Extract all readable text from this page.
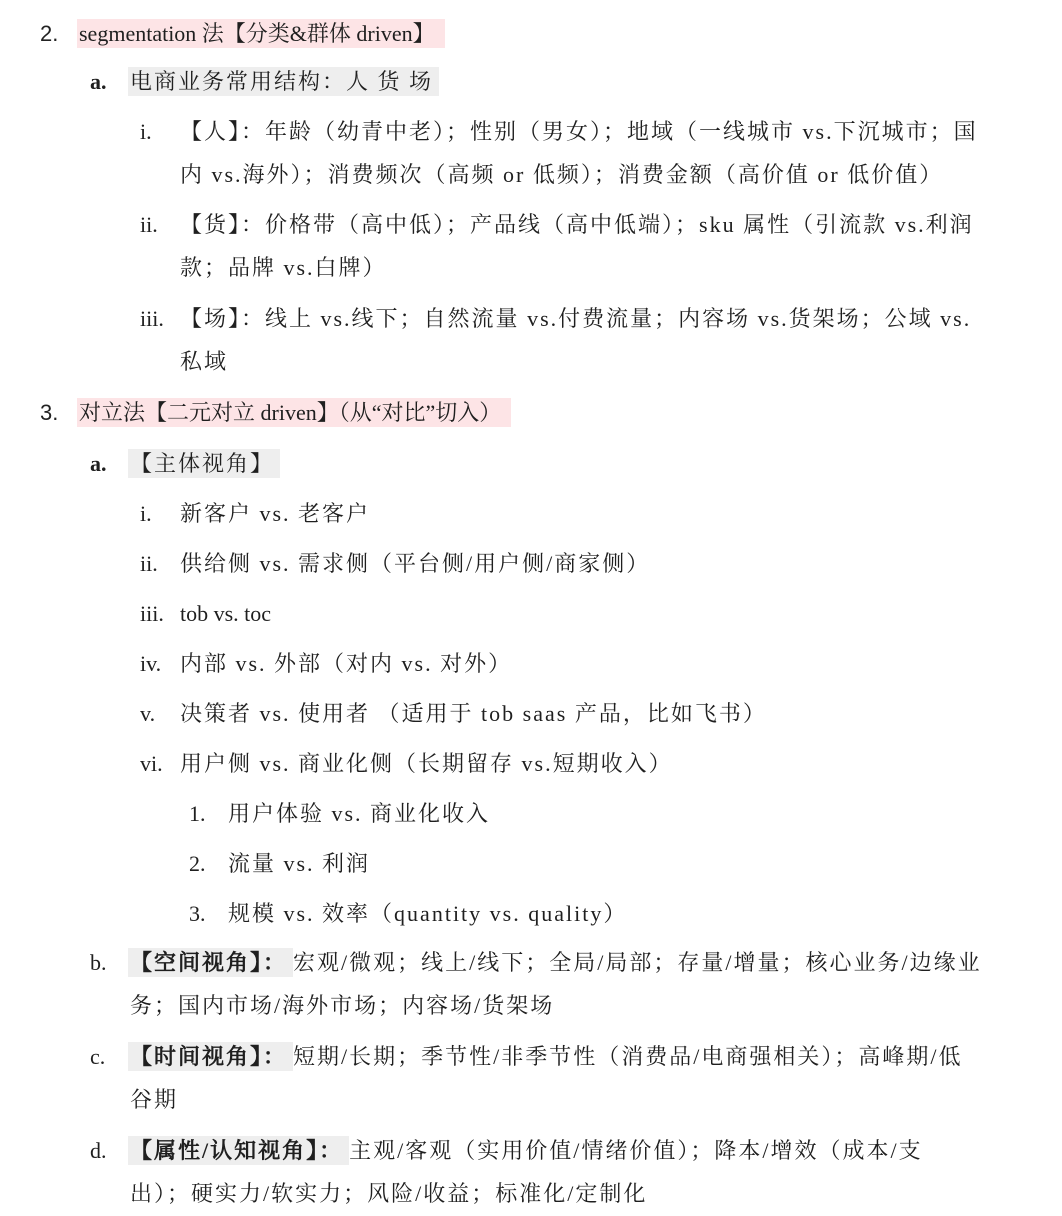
2. segmentation 法【分类&群体 driven】
a. 电商业务常用结构：人 货 场
i. 【人】：年龄（幼青中老）；性别（男女）；地域（一线城市 vs.下沉城市；国内 vs.海外）；消费频次（高频 or 低频）；消费金额（高价值 or 低价值）
ii. 【货】：价格带（高中低）；产品线（高中低端）；sku 属性（引流款 vs.利润款；品牌 vs.白牌）
iii. 【场】：线上 vs.线下；自然流量 vs.付费流量；内容场 vs.货架场；公域 vs.私域
3. 对立法【二元对立 driven】（从“对比”切入）
a. 【主体视角】
i. 新客户 vs. 老客户
ii. 供给侧 vs. 需求侧（平台侧/用户侧/商家侧）
iii. tob vs. toc
iv. 内部 vs. 外部（对内 vs. 对外）
v. 决策者 vs. 使用者 （适用于 tob saas 产品，比如飞书）
vi. 用户侧 vs. 商业化侧（长期留存 vs.短期收入）
1. 用户体验 vs. 商业化收入
2. 流量 vs. 利润
3. 规模 vs. 效率（quantity vs. quality）
b. 【空间视角】： 宏观/微观；线上/线下；全局/局部；存量/增量；核心业务/边缘业务；国内市场/海外市场；内容场/货架场
c. 【时间视角】： 短期/长期；季节性/非季节性（消费品/电商强相关）；高峰期/低谷期
d. 【属性/认知视角】： 主观/客观（实用价值/情绪价值）；降本/增效（成本/支出）；硬实力/软实力；风险/收益；标准化/定制化
